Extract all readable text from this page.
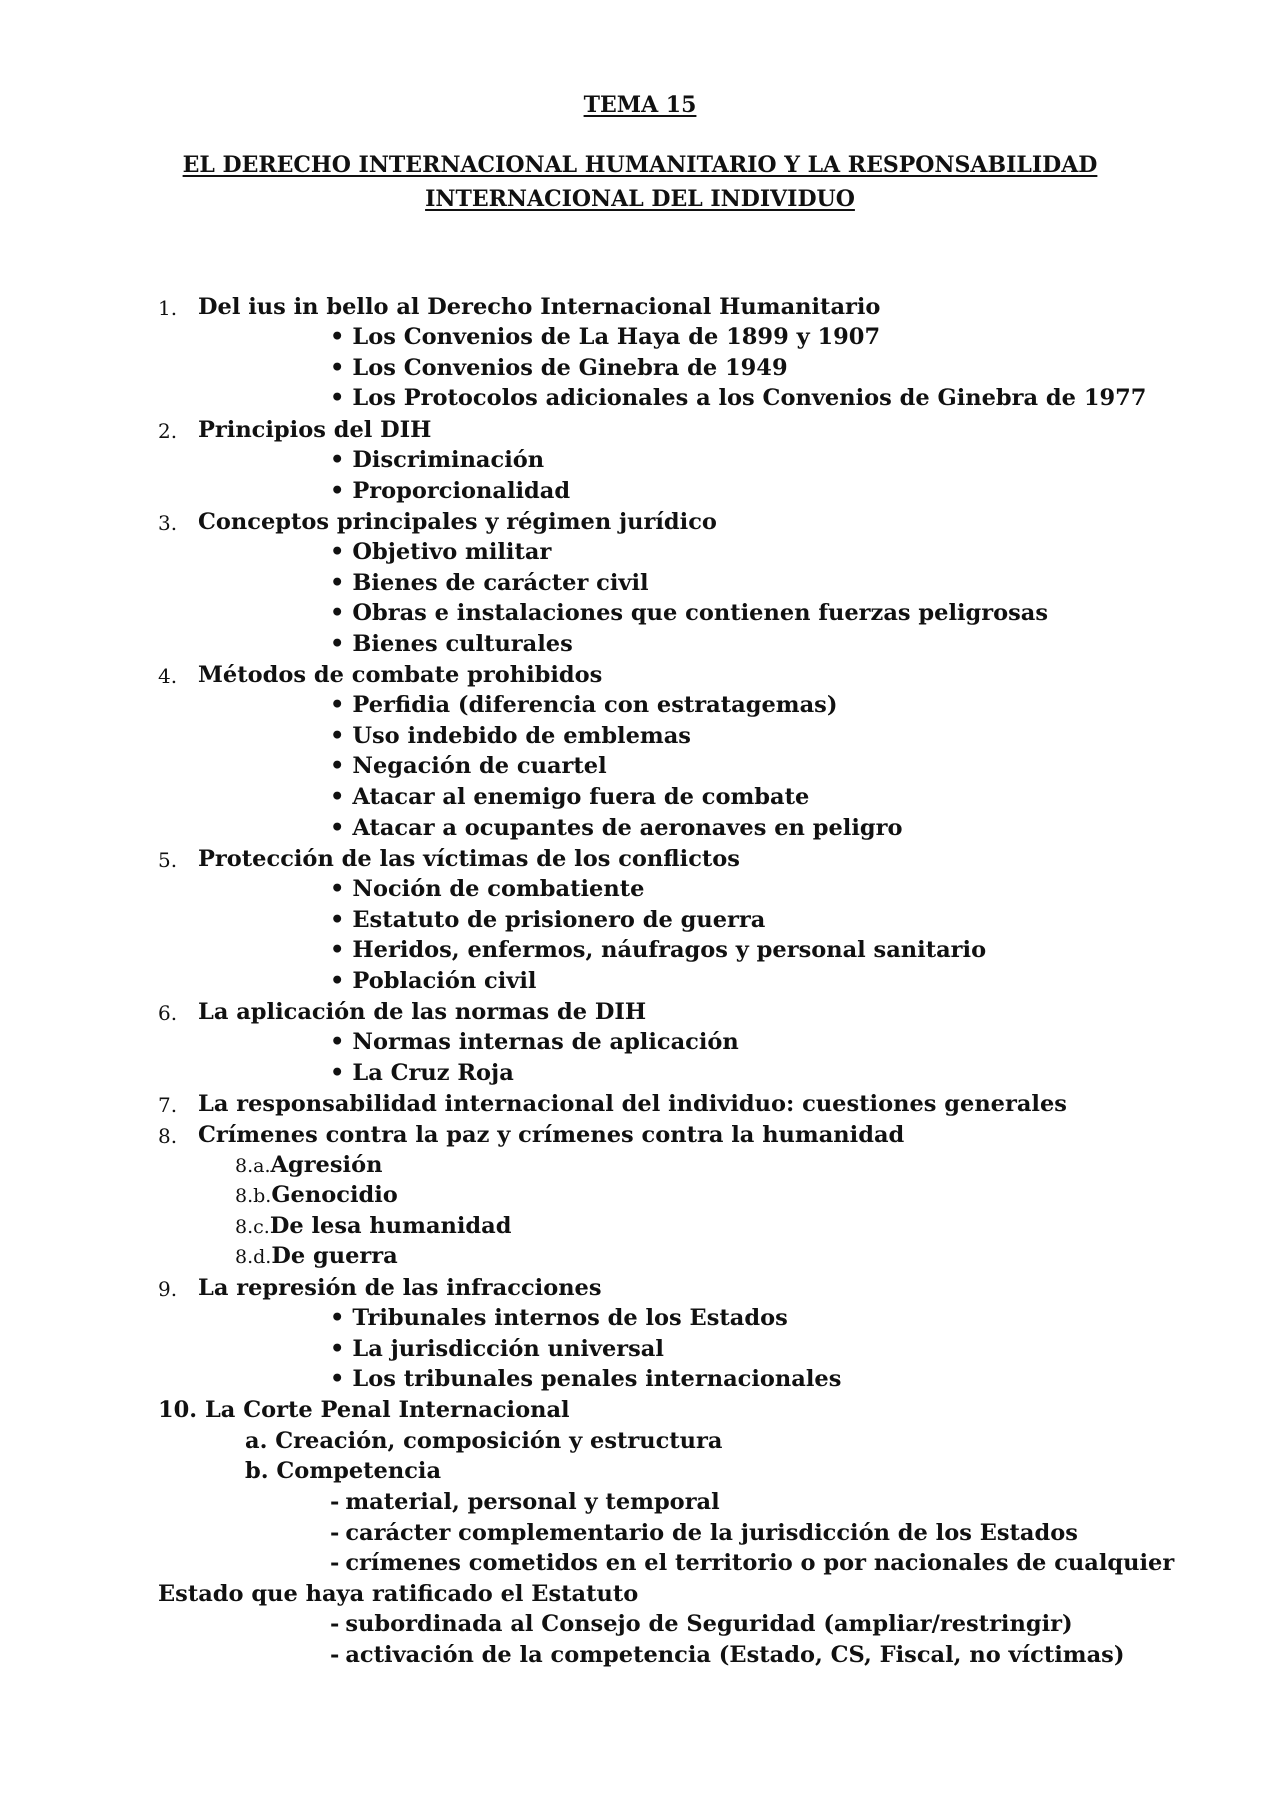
TEMA 15
EL DERECHO INTERNACIONAL HUMANITARIO Y LA RESPONSABILIDAD
INTERNACIONAL DEL INDIVIDUO
1. Del ius in bello al Derecho Internacional Humanitario
• Los Convenios de La Haya de 1899 y 1907
• Los Convenios de Ginebra de 1949
• Los Protocolos adicionales a los Convenios de Ginebra de 1977
2. Principios del DIH
• Discriminación
• Proporcionalidad
3. Conceptos principales y régimen jurídico
• Objetivo militar
• Bienes de carácter civil
• Obras e instalaciones que contienen fuerzas peligrosas
• Bienes culturales
4. Métodos de combate prohibidos
• Perfidia (diferencia con estratagemas)
• Uso indebido de emblemas
• Negación de cuartel
• Atacar al enemigo fuera de combate
• Atacar a ocupantes de aeronaves en peligro
5. Protección de las víctimas de los conflictos
• Noción de combatiente
• Estatuto de prisionero de guerra
• Heridos, enfermos, náufragos y personal sanitario
• Población civil
6. La aplicación de las normas de DIH
• Normas internas de aplicación
• La Cruz Roja
7. La responsabilidad internacional del individuo: cuestiones generales
8. Crímenes contra la paz y crímenes contra la humanidad
8.a.Agresión
8.b.Genocidio
8.c.De lesa humanidad
8.d.De guerra
9. La represión de las infracciones
• Tribunales internos de los Estados
• La jurisdicción universal
• Los tribunales penales internacionales
10. La Corte Penal Internacional
a. Creación, composición y estructura
b. Competencia
- material, personal y temporal
- carácter complementario de la jurisdicción de los Estados
- crímenes cometidos en el territorio o por nacionales de cualquier
Estado que haya ratificado el Estatuto
- subordinada al Consejo de Seguridad (ampliar/restringir)
- activación de la competencia (Estado, CS, Fiscal, no víctimas)
